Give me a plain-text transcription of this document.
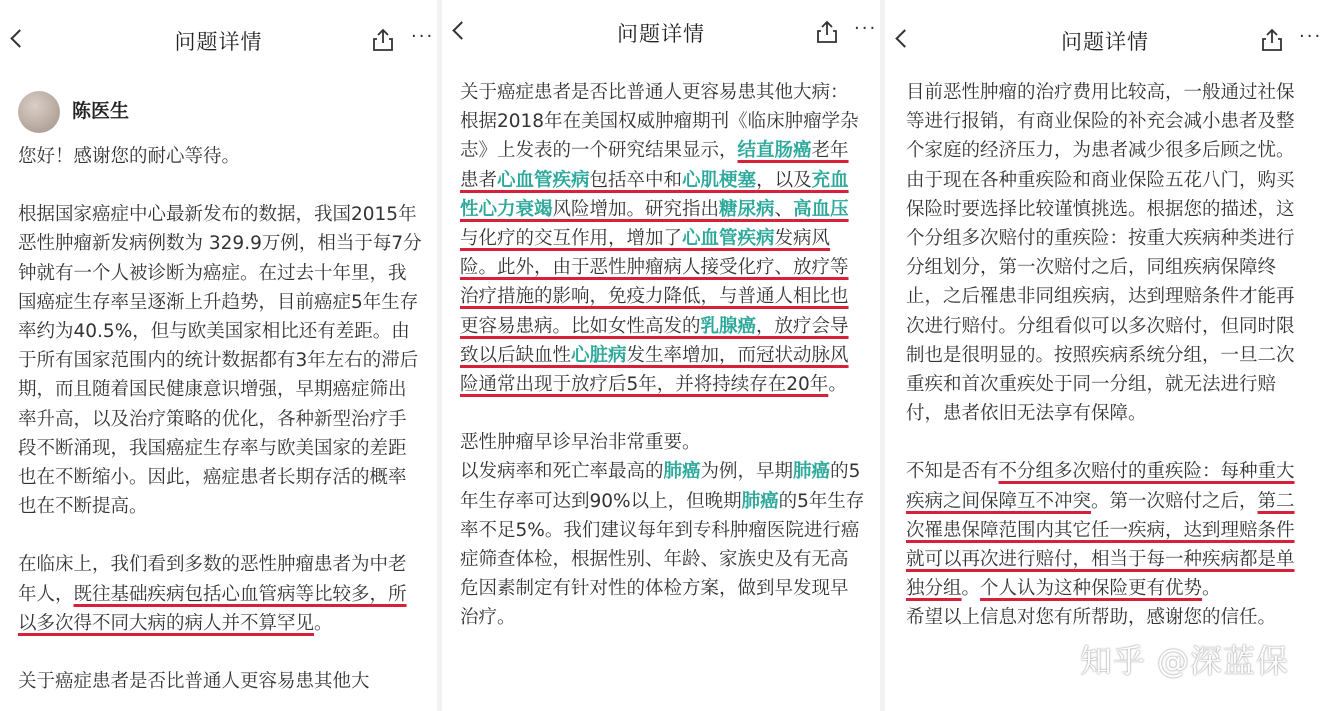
问题详情	···
陈医生

您好！感谢您的耐心等待。

根据国家癌症中心最新发布的数据，我国2015年恶性肿瘤新发病例数为 329.9万例，相当于每7分钟就有一个人被诊断为癌症。在过去十年里，我国癌症生存率呈逐渐上升趋势，目前癌症5年生存率约为40.5%，但与欧美国家相比还有差距。由于所有国家范围内的统计数据都有3年左右的滞后期，而且随着国民健康意识增强，早期癌症筛出率升高，以及治疗策略的优化，各种新型治疗手段不断涌现，我国癌症生存率与欧美国家的差距也在不断缩小。因此，癌症患者长期存活的概率也在不断提高。

在临床上，我们看到多数的恶性肿瘤患者为中老年人，既往基础疾病包括心血管病等比较多，所以多次得不同大病的病人并不算罕见。

关于癌症患者是否比普通人更容易患其他大

问题详情	···

关于癌症患者是否比普通人更容易患其他大病：

根据2018年在美国权威肿瘤期刊《临床肿瘤学杂志》上发表的一个研究结果显示，结直肠癌老年患者心血管疾病包括卒中和心肌梗塞，以及充血性心力衰竭风险增加。研究指出糖尿病、高血压与化疗的交互作用，增加了心血管疾病发病风险。此外，由于恶性肿瘤病人接受化疗、放疗等治疗措施的影响，免疫力降低，与普通人相比也更容易患病。比如女性高发的乳腺癌，放疗会导致以后缺血性心脏病发生率增加，而冠状动脉风险通常出现于放疗后5年，并将持续存在20年。

恶性肿瘤早诊早治非常重要。

以发病率和死亡率最高的肺癌为例，早期肺癌的5年生存率可达到90%以上，但晚期肺癌的5年生存率不足5%。我们建议每年到专科肿瘤医院进行癌症筛查体检，根据性别、年龄、家族史及有无高危因素制定有针对性的体检方案，做到早发现早治疗。

问题详情	···

目前恶性肿瘤的治疗费用比较高，一般通过社保等进行报销，有商业保险的补充会减小患者及整个家庭的经济压力，为患者减少很多后顾之忧。由于现在各种重疾险和商业保险五花八门，购买保险时要选择比较谨慎挑选。根据您的描述，这个分组多次赔付的重疾险：按重大疾病种类进行分组划分，第一次赔付之后，同组疾病保障终止，之后罹患非同组疾病，达到理赔条件才能再次进行赔付。分组看似可以多次赔付，但同时限制也是很明显的。按照疾病系统分组，一旦二次重疾和首次重疾处于同一分组，就无法进行赔付，患者依旧无法享有保障。

不知是否有不分组多次赔付的重疾险：每种重大疾病之间保障互不冲突。第一次赔付之后，第二次罹患保障范围内其它任一疾病，达到理赔条件就可以再次进行赔付，相当于每一种疾病都是单独分组。个人认为这种保险更有优势。

希望以上信息对您有所帮助，感谢您的信任。

知乎 @深蓝保
